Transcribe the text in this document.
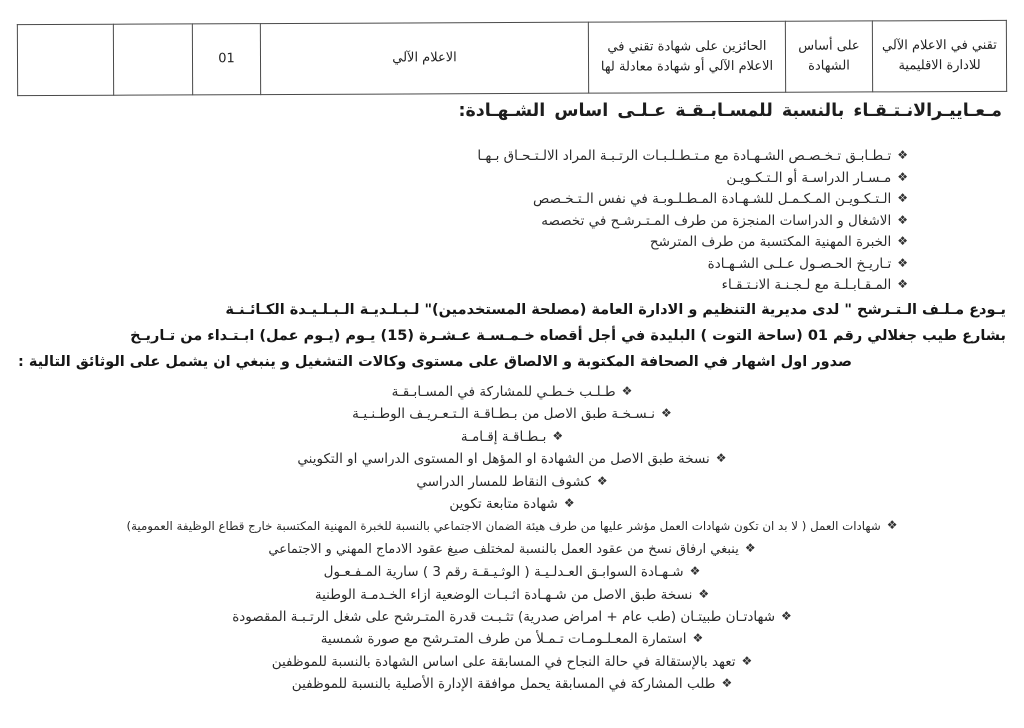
تقني في الاعلام الآلي للادارة الاقليمية	على أساس الشهادة	الحائزين على شهادة تقني في الاعلام الآلي أو شهادة معادلة لها	الاعلام الآلي	01		
مـعـاييـرالانـتـقـاء بالنسبة للمسـابـقـة عـلـى اساس الشـهـادة:
❖تـطـابـق تـخـصـص الشـهـادة مع مـتـطـلـبـات الرتـبـة المراد الالـتـحـاق بـهـا
❖مـسـار الدراسـة أو الـتـكـويـن
❖الـتـكـويـن المـكـمـل للشـهـادة المـطـلـوبـة في نفس الـتـخـصص
❖الاشغال و الدراسات المنجزة من طرف المـتـرشـح في تخصصه
❖الخبرة المهنية المكتسبة من طرف المترشح
❖تـاريـخ الحـصـول عـلـى الشـهـادة
❖المـقـابـلـة مع لـجـنـة الانـتـقـاء
يـودع مـلـف الـتـرشح " لدى مديرية التنظيم و الادارة العامة (مصلحة المستخدمين)" لـبـلـديـة الـبـلـيـدة الكـائـنـة
بشارع طيب جغلالي رقم 01 (ساحة التوت ) البليدة في أجل أقصاه خـمـسـة عـشـرة (15) يـوم (يـوم عمل) ابـتـداء من تـاريـخ
صدور اول اشهار في الصحافة المكتوبة و الالصاق على مستوى وكالات التشغيل و ينبغي ان يشمل على الوثائق التالية :
❖طـلـب خـطـي للمشاركة في المسـابـقـة
❖نـسـخـة طبق الاصل من بـطـاقـة الـتـعـريـف الوطـنـيـة
❖بـطـاقـة إقـامـة
❖نسخة طبق الاصل من الشهادة او المؤهل او المستوى الدراسي او التكويني
❖كشوف النقاط للمسار الدراسي
❖شهادة متابعة تكوين
❖شهادات العمل ( لا بد ان تكون شهادات العمل مؤشر عليها من طرف هيئة الضمان الاجتماعي بالنسبة للخبرة المهنية المكتسبة خارج قطاع الوظيفة العمومية)
❖ينبغي ارفاق نسخ من عقود العمل بالنسبة لمختلف صيغ عقود الادماج المهني و الاجتماعي
❖شـهـادة السوابـق العـدلـيـة ( الوثـيـقـة رقم 3 ) سارية المـفـعـول
❖نسخة طبق الاصل من شـهـادة اثـبـات الوضعية ازاء الخـدمـة الوطنية
❖شهادتـان طبيتـان (طب عام + امراض صدرية) تثـبـت قدرة المتـرشح على شغل الرتـبـة المقصودة
❖استمارة المعـلـومـات تـمـلأ من طرف المتـرشح مع صورة شمسية
❖تعهد بالإستقالة في حالة النجاح في المسابقة على اساس الشهادة بالنسبة للموظفين
❖طلب المشاركة في المسابقة يحمل موافقة الإدارة الأصلية بالنسبة للموظفين
